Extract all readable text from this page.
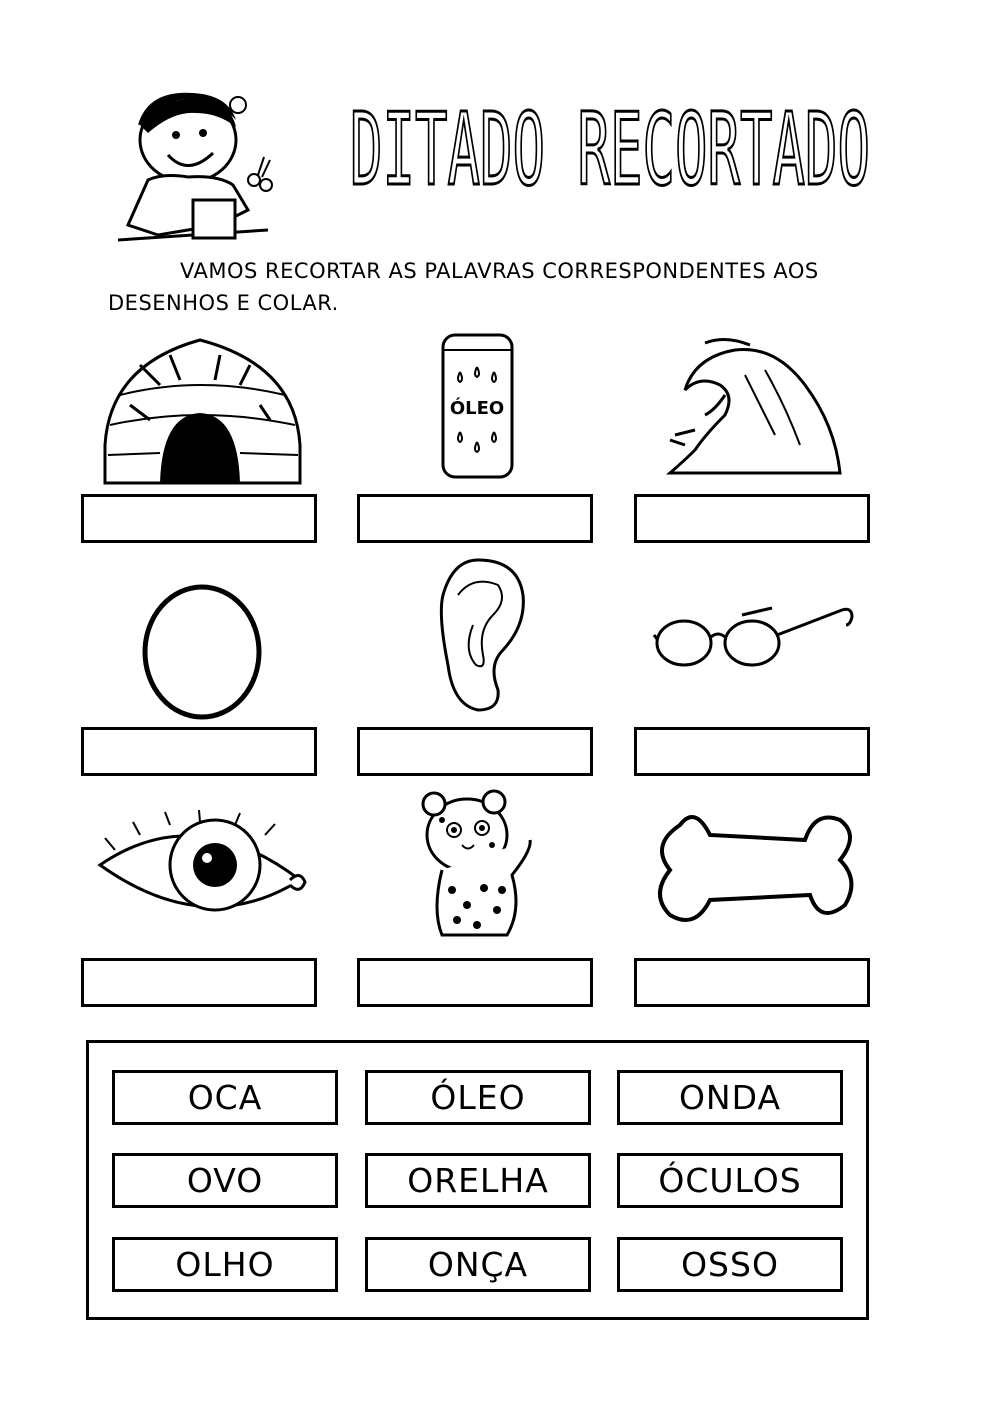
DITADO RECORTADO
VAMOS RECORTAR AS PALAVRAS CORRESPONDENTES AOS
DESENHOS E COLAR.
ÓLEO
OCA	ÓLEO	ONDA
OVO	ORELHA	ÓCULOS
OLHO	ONÇA	OSSO
